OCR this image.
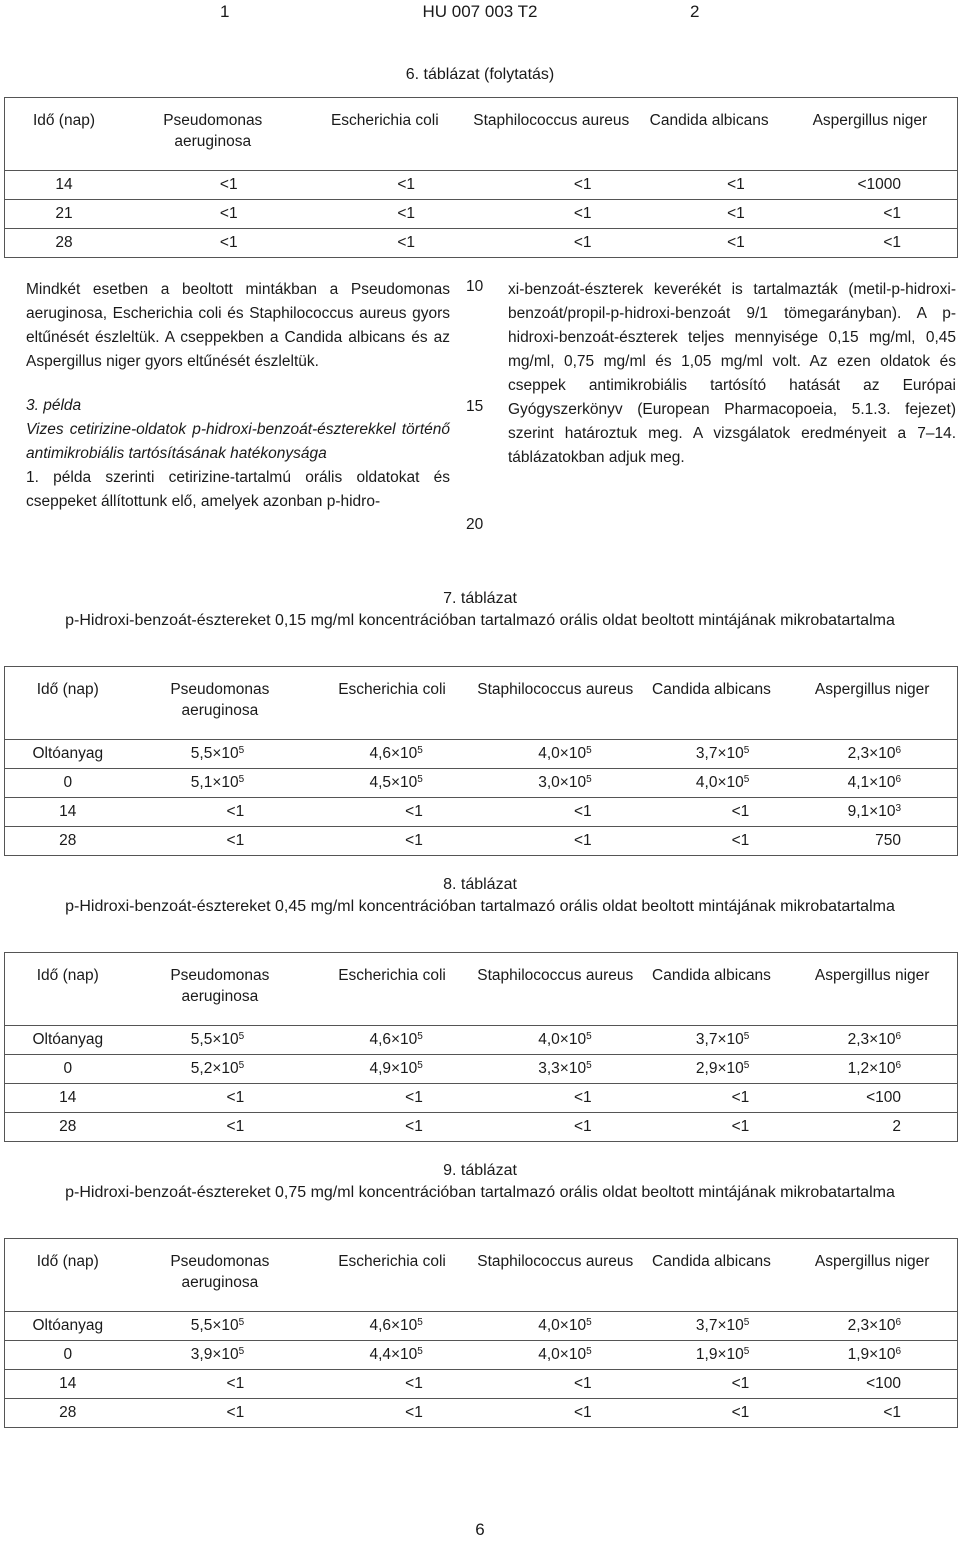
1	HU 007 003 T2	2
6. táblázat (folytatás)
Idő (nap)	Pseudomonas aeruginosa	Escherichia coli	Staphilococcus aureus	Candida albicans	Aspergillus niger
14	<1	<1	<1	<1	<1000
21	<1	<1	<1	<1	<1
28	<1	<1	<1	<1	<1

Mindkét esetben a beoltott mintákban a Pseudomonas aeruginosa, Escherichia coli és Staphilococcus aureus gyors eltűnését észleltük. A cseppekben a Candida albicans és az Aspergillus niger gyors eltűnését észleltük.

3. példa

Vizes cetirizine-oldatok p-hidroxi-benzoát-észterekkel történő antimikrobiális tartósításának hatékonysága

1. példa szerinti cetirizine-tartalmú orális oldatokat és cseppeket állítottunk elő, amelyek azonban p-hidro-

10
15
20

xi-benzoát-észterek keverékét is tartalmazták (metil-p-hidroxi-benzoát/propil-p-hidroxi-benzoát 9/1 tömegarányban). A p-hidroxi-benzoát-észterek teljes mennyisége 0,15 mg/ml, 0,45 mg/ml, 0,75 mg/ml és 1,05 mg/ml volt. Az ezen oldatok és cseppek antimikrobiális tartósító hatását az Európai Gyógyszerkönyv (European Pharmacopoeia, 5.1.3. fejezet) szerint határoztuk meg. A vizsgálatok eredményeit a 7–14. táblázatokban adjuk meg.

7. táblázat
p-Hidroxi-benzoát-észtereket 0,15 mg/ml koncentrációban tartalmazó orális oldat beoltott mintájának mikrobatartalma
Idő (nap)	Pseudomonas aeruginosa	Escherichia coli	Staphilococcus aureus	Candida albicans	Aspergillus niger
Oltóanyag	$5,5\times 10^5$	$4,6\times 10^5$	$4,0\times 10^5$	$3,7\times 10^5$	$2,3\times 10^6$
0	$5,1\times 10^5$	$4,5\times 10^5$	$3,0\times 10^5$	$4,0\times 10^5$	$4,1\times 10^6$
14	<1	<1	<1	<1	$9,1\times 10^3$
28	<1	<1	<1	<1	750
8. táblázat
p-Hidroxi-benzoát-észtereket 0,45 mg/ml koncentrációban tartalmazó orális oldat beoltott mintájának mikrobatartalma
Idő (nap)	Pseudomonas aeruginosa	Escherichia coli	Staphilococcus aureus	Candida albicans	Aspergillus niger
Oltóanyag	$5,5\times 10^5$	$4,6\times 10^5$	$4,0\times 10^5$	$3,7\times 10^5$	$2,3\times 10^6$
0	$5,2\times 10^5$	$4,9\times 10^5$	$3,3\times 10^5$	$2,9\times 10^5$	$1,2\times 10^6$
14	<1	<1	<1	<1	<100
28	<1	<1	<1	<1	2
9. táblázat
p-Hidroxi-benzoát-észtereket 0,75 mg/ml koncentrációban tartalmazó orális oldat beoltott mintájának mikrobatartalma
Idő (nap)	Pseudomonas aeruginosa	Escherichia coli	Staphilococcus aureus	Candida albicans	Aspergillus niger
Oltóanyag	$5,5\times 10^5$	$4,6\times 10^5$	$4,0\times 10^5$	$3,7\times 10^5$	$2,3\times 10^6$
0	$3,9\times 10^5$	$4,4\times 10^5$	$4,0\times 10^5$	$1,9\times 10^5$	$1,9\times 10^6$
14	<1	<1	<1	<1	<100
28	<1	<1	<1	<1	<1
6
